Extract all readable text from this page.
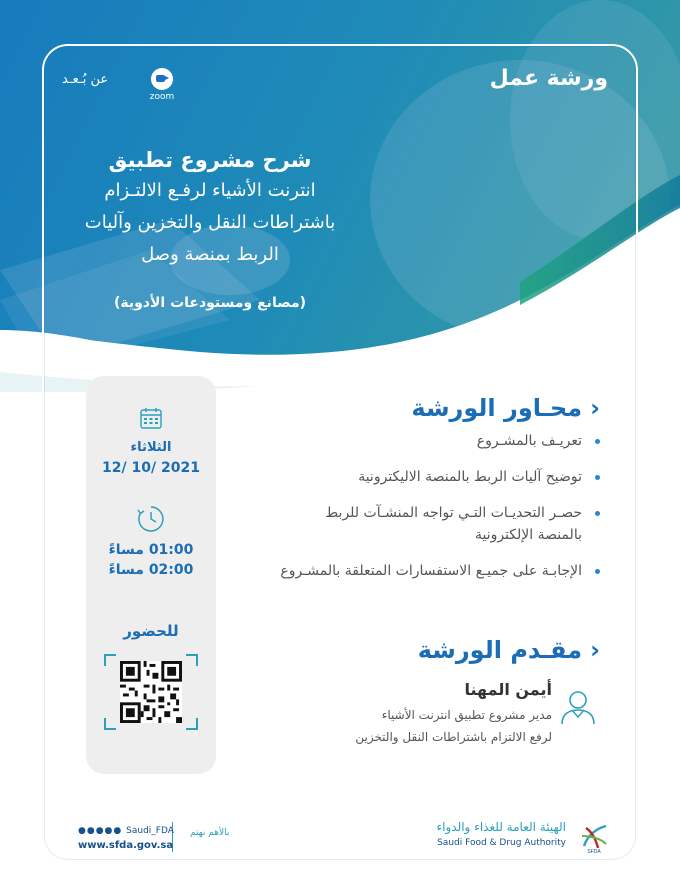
ورشة عمل

zoom
عن بُـعـد

شرح مشروع تطبيق

انترنت الأشياء لرفـع الالتـزام

باشتراطات النقل والتخزين وآليات

الربط بمنصة وصل

(مصانع ومستودعات الأدوية)

الثلاثاء

12/ 10/ 2021

01:00 مساءً

02:00 مساءً

للحضور

‹محـاور الورشة

تعريـف بالمشـروع
توضيح آليات الربط بالمنصة الاليكترونية
حصـر التحديـات التـي تواجه المنشـآت للربط بالمنصة الإلكترونية
الإجابـة على جميـع الاستفسارات المتعلقة بالمشـروع

‹مقـدم الورشة

أيمن المهنا

مدير مشروع تطبيق انترنت الأشياء

لرفع الالتزام باشتراطات النقل والتخزين

SFDA

الهيئة العامة للغذاء والدواء

Saudi Food & Drug Authority

بالأهم نهتم
●●●●● Saudi_FDA
www.sfda.gov.sa
